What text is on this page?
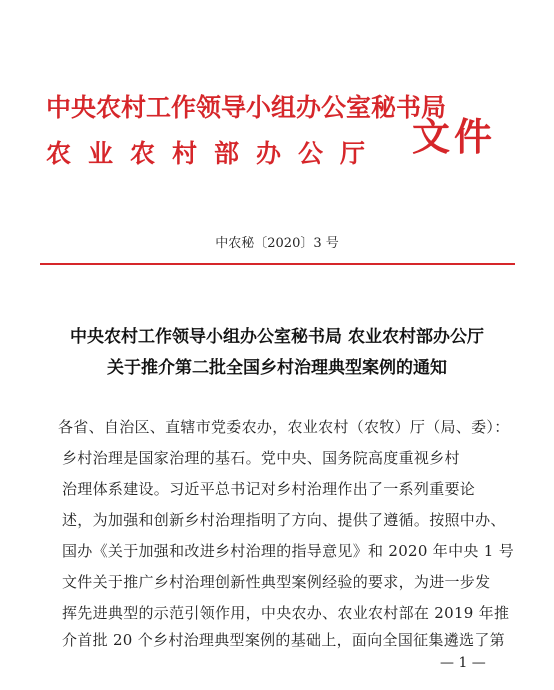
中央农村工作领导小组办公室秘书局
农业农村部办公厅 文件
中农秘〔2020〕3 号
中央农村工作领导小组办公室秘书局 农业农村部办公厅
关于推介第二批全国乡村治理典型案例的通知
各省、自治区、直辖市党委农办，农业农村（农牧）厅（局、委）：
乡村治理是国家治理的基石。党中央、国务院高度重视乡村
治理体系建设。习近平总书记对乡村治理作出了一系列重要论
述，为加强和创新乡村治理指明了方向、提供了遵循。按照中办、
国办《关于加强和改进乡村治理的指导意见》和 2020 年中央 1 号
文件关于推广乡村治理创新性典型案例经验的要求，为进一步发
挥先进典型的示范引领作用，中央农办、农业农村部在 2019 年推
介首批 20 个乡村治理典型案例的基础上，面向全国征集遴选了第
— 1 —
